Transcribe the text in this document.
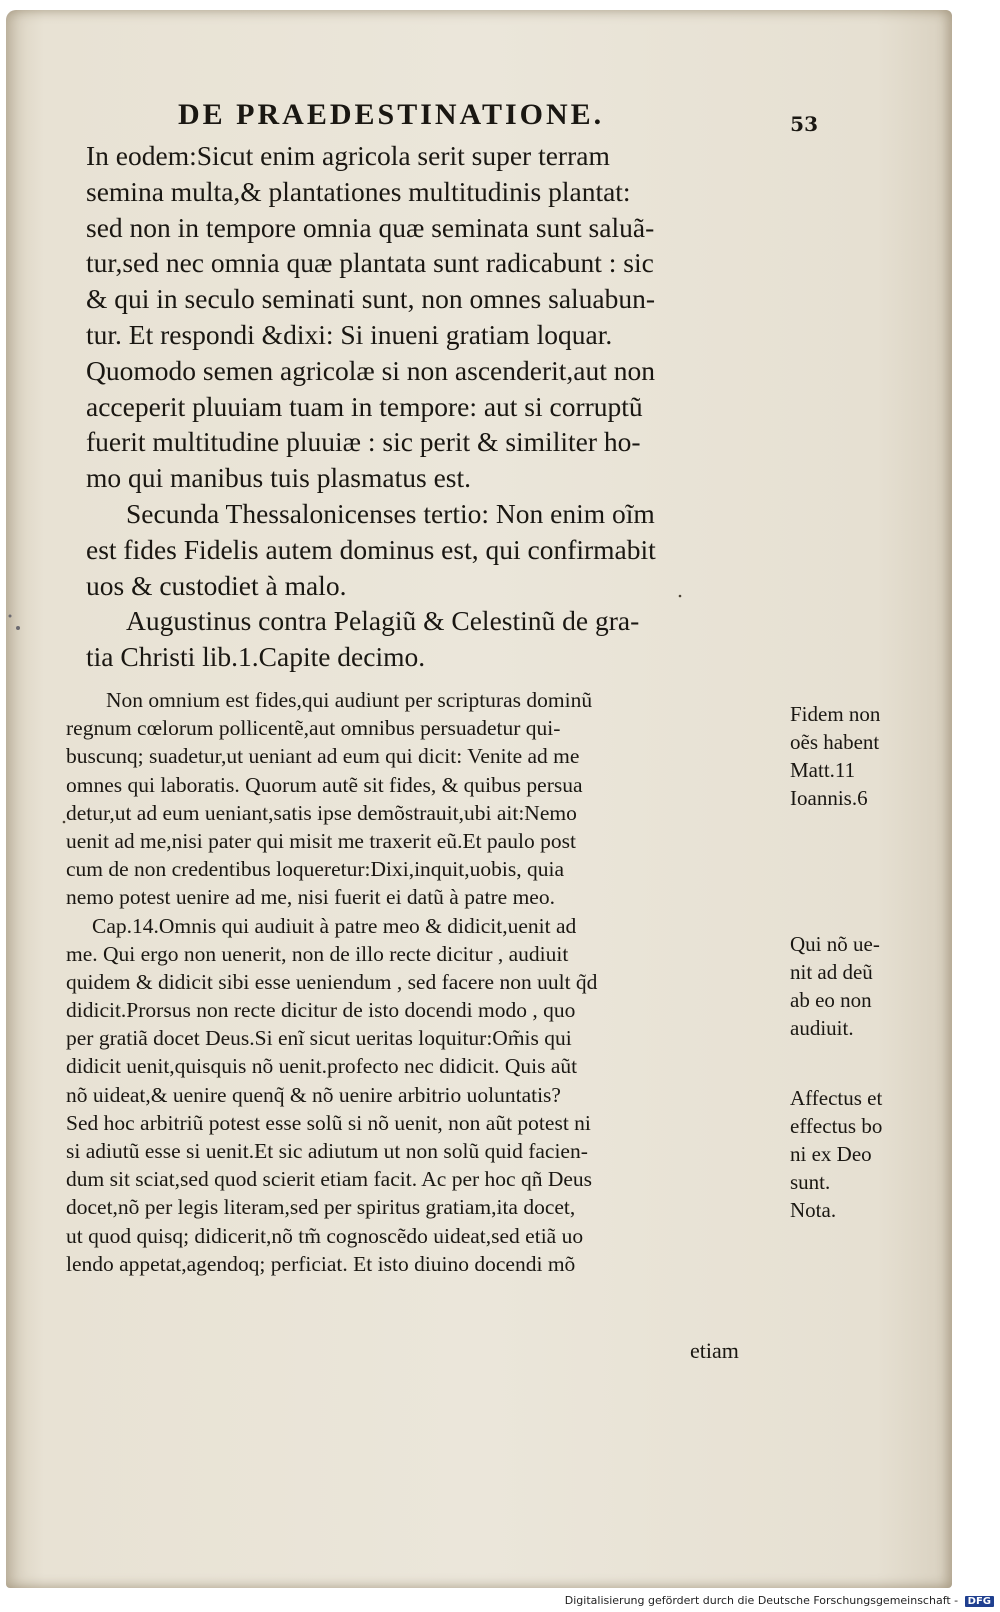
DE PRAEDESTINATIONE.	53
In eodem:Sicut enim agricola serit super terram
semina multa,& plantationes multitudinis plantat:
sed non in tempore omnia quæ seminata sunt saluã-
tur,sed nec omnia quæ plantata sunt radicabunt : sic
& qui in seculo seminati sunt, non omnes saluabun-
tur. Et respondi &dixi: Si inueni gratiam loquar.
Quomodo semen agricolæ si non ascenderit,aut non
acceperit pluuiam tuam in tempore: aut si corruptũ
fuerit multitudine pluuiæ : sic perit & similiter ho-
mo qui manibus tuis plasmatus est.
Secunda Thessalonicenses tertio: Non enim oĩm
est fides Fidelis autem dominus est, qui confirmabit
uos & custodiet à malo.
Augustinus contra Pelagiũ & Celestinũ de gra-
tia Christi lib.1.Capite decimo.
Non omnium est fides,qui audiunt per scripturas dominũ
regnum cœlorum pollicentẽ,aut omnibus persuadetur qui-
buscunq; suadetur,ut ueniant ad eum qui dicit: Venite ad me
omnes qui laboratis. Quorum autẽ sit fides, & quibus persua
detur,ut ad eum ueniant,satis ipse demõstrauit,ubi ait:Nemo
uenit ad me,nisi pater qui misit me traxerit eũ.Et paulo post
cum de non credentibus loqueretur:Dixi,inquit,uobis, quia
nemo potest uenire ad me, nisi fuerit ei datũ à patre meo.
Cap.14.Omnis qui audiuit à patre meo & didicit,uenit ad
me. Qui ergo non uenerit, non de illo recte dicitur , audiuit
quidem & didicit sibi esse ueniendum , sed facere non uult q̃d
didicit.Prorsus non recte dicitur de isto docendi modo , quo
per gratiã docet Deus.Si enĩ sicut ueritas loquitur:Om̃is qui
didicit uenit,quisquis nõ uenit.profecto nec didicit. Quis aũt
nõ uideat,& uenire quenq̃ & nõ uenire arbitrio uoluntatis?
Sed hoc arbitriũ potest esse solũ si nõ uenit, non aũt potest ni
si adiutũ esse si uenit.Et sic adiutum ut non solũ quid facien-
dum sit sciat,sed quod scierit etiam facit. Ac per hoc qñ Deus
docet,nõ per legis literam,sed per spiritus gratiam,ita docet,
ut quod quisq; didicerit,nõ tm̃ cognoscẽdo uideat,sed etiã uo
lendo appetat,agendoq; perficiat. Et isto diuino docendi mõ
Fidem non
oẽs habent
Matt.11
Ioannis.6
Qui nõ ue-
nit ad deũ
ab eo non
audiuit.
Affectus et
effectus bo
ni ex Deo
sunt.
Nota.
etiam
Digitalisierung gefördert durch die Deutsche Forschungsgemeinschaft - DFG
